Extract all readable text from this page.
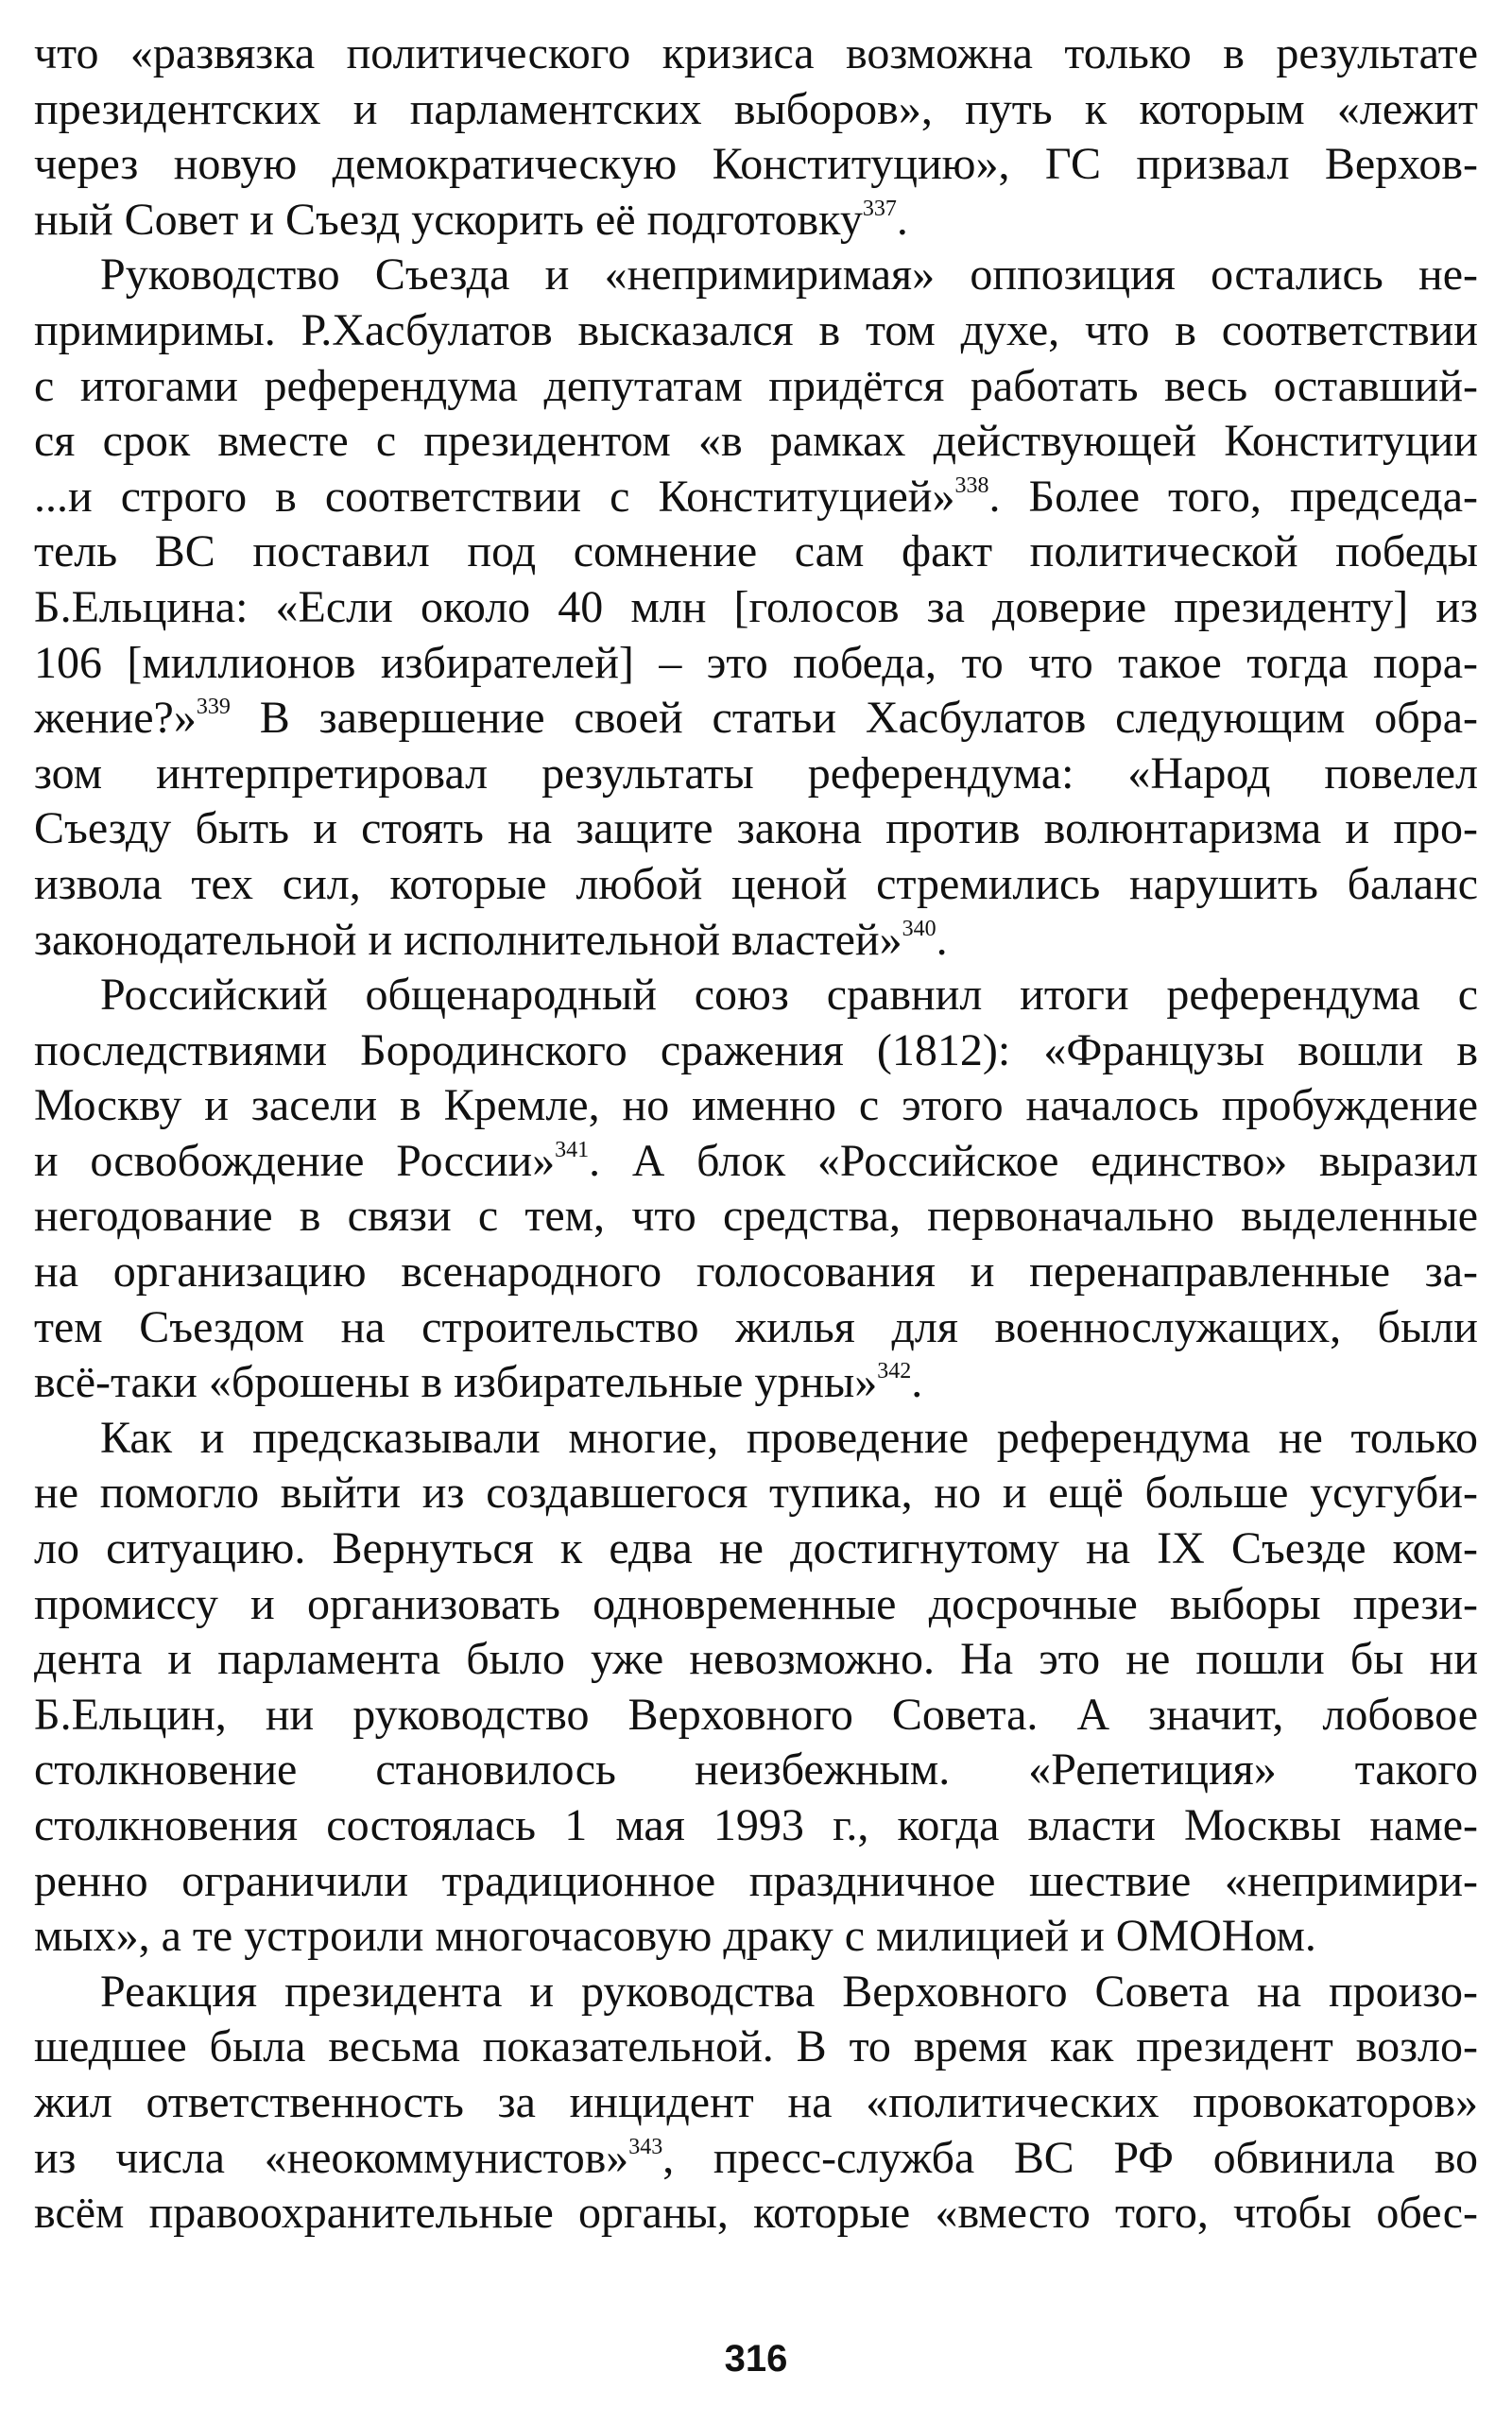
что «развязка политического кризиса возможна только в результате
президентских и парламентских выборов», путь к которым «лежит
через новую демократическую Конституцию», ГС призвал Верхов-
ный Совет и Съезд ускорить её подготовку$^{337}$.
Руководство Съезда и «непримиримая» оппозиция остались не-
примиримы. Р.Хасбулатов высказался в том духе, что в соответствии
с итогами референдума депутатам придётся работать весь оставший-
ся срок вместе с президентом «в рамках действующей Конституции
...и строго в соответствии с Конституцией»$^{338}$. Более того, председа-
тель ВС поставил под сомнение сам факт политической победы
Б.Ельцина: «Если около 40 млн [голосов за доверие президенту] из
106 [миллионов избирателей] – это победа, то что такое тогда пора-
жение?»$^{339}$ В завершение своей статьи Хасбулатов следующим обра-
зом интерпретировал результаты референдума: «Народ повелел
Съезду быть и стоять на защите закона против волюнтаризма и про-
извола тех сил, которые любой ценой стремились нарушить баланс
законодательной и исполнительной властей»$^{340}$.
Российский общенародный союз сравнил итоги референдума с
последствиями Бородинского сражения (1812): «Французы вошли в
Москву и засели в Кремле, но именно с этого началось пробуждение
и освобождение России»$^{341}$. А блок «Российское единство» выразил
негодование в связи с тем, что средства, первоначально выделенные
на организацию всенародного голосования и перенаправленные за-
тем Съездом на строительство жилья для военнослужащих, были
всё-таки «брошены в избирательные урны»$^{342}$.
Как и предсказывали многие, проведение референдума не только
не помогло выйти из создавшегося тупика, но и ещё больше усугуби-
ло ситуацию. Вернуться к едва не достигнутому на IX Съезде ком-
промиссу и организовать одновременные досрочные выборы прези-
дента и парламента было уже невозможно. На это не пошли бы ни
Б.Ельцин, ни руководство Верховного Совета. А значит, лобовое
столкновение становилось неизбежным. «Репетиция» такого
столкновения состоялась 1 мая 1993 г., когда власти Москвы наме-
ренно ограничили традиционное праздничное шествие «непримири-
мых», а те устроили многочасовую драку с милицией и ОМОНом.
Реакция президента и руководства Верховного Совета на произо-
шедшее была весьма показательной. В то время как президент возло-
жил ответственность за инцидент на «политических провокаторов»
из числа «неокоммунистов»$^{343}$, пресс-служба ВС РФ обвинила во
всём правоохранительные органы, которые «вместо того, чтобы обес-
316
